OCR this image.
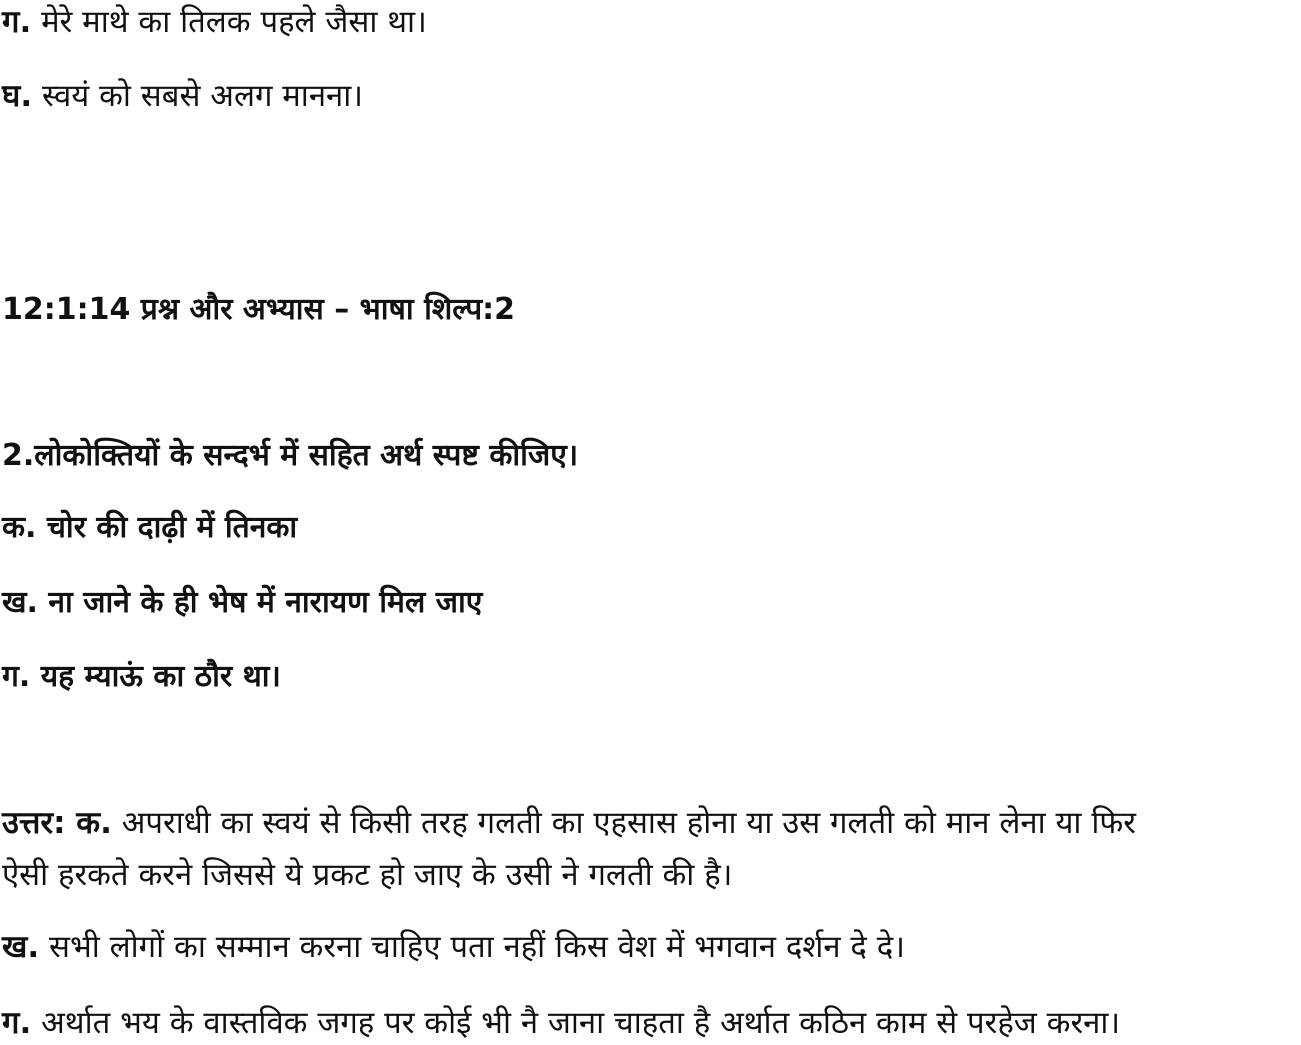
ग. मेरे माथे का तिलक पहले जैसा था।
घ. स्वयं को सबसे अलग मानना।
12:1:14 प्रश्न और अभ्यास – भाषा शिल्प:2
2.लोकोक्तियों के सन्दर्भ में सहित अर्थ स्पष्ट कीजिए।
क. चोर की दाढ़ी में तिनका
ख. ना जाने के ही भेष में नारायण मिल जाए
ग. यह म्याऊं का ठौर था।
उत्तर: क. अपराधी का स्वयं से किसी तरह गलती का एहसास होना या उस गलती को मान लेना या फिर
ऐसी हरकते करने जिससे ये प्रकट हो जाए के उसी ने गलती की है।
ख. सभी लोगों का सम्मान करना चाहिए पता नहीं किस वेश में भगवान दर्शन दे दे।
ग. अर्थात भय के वास्तविक जगह पर कोई भी नै जाना चाहता है अर्थात कठिन काम से परहेज करना।
